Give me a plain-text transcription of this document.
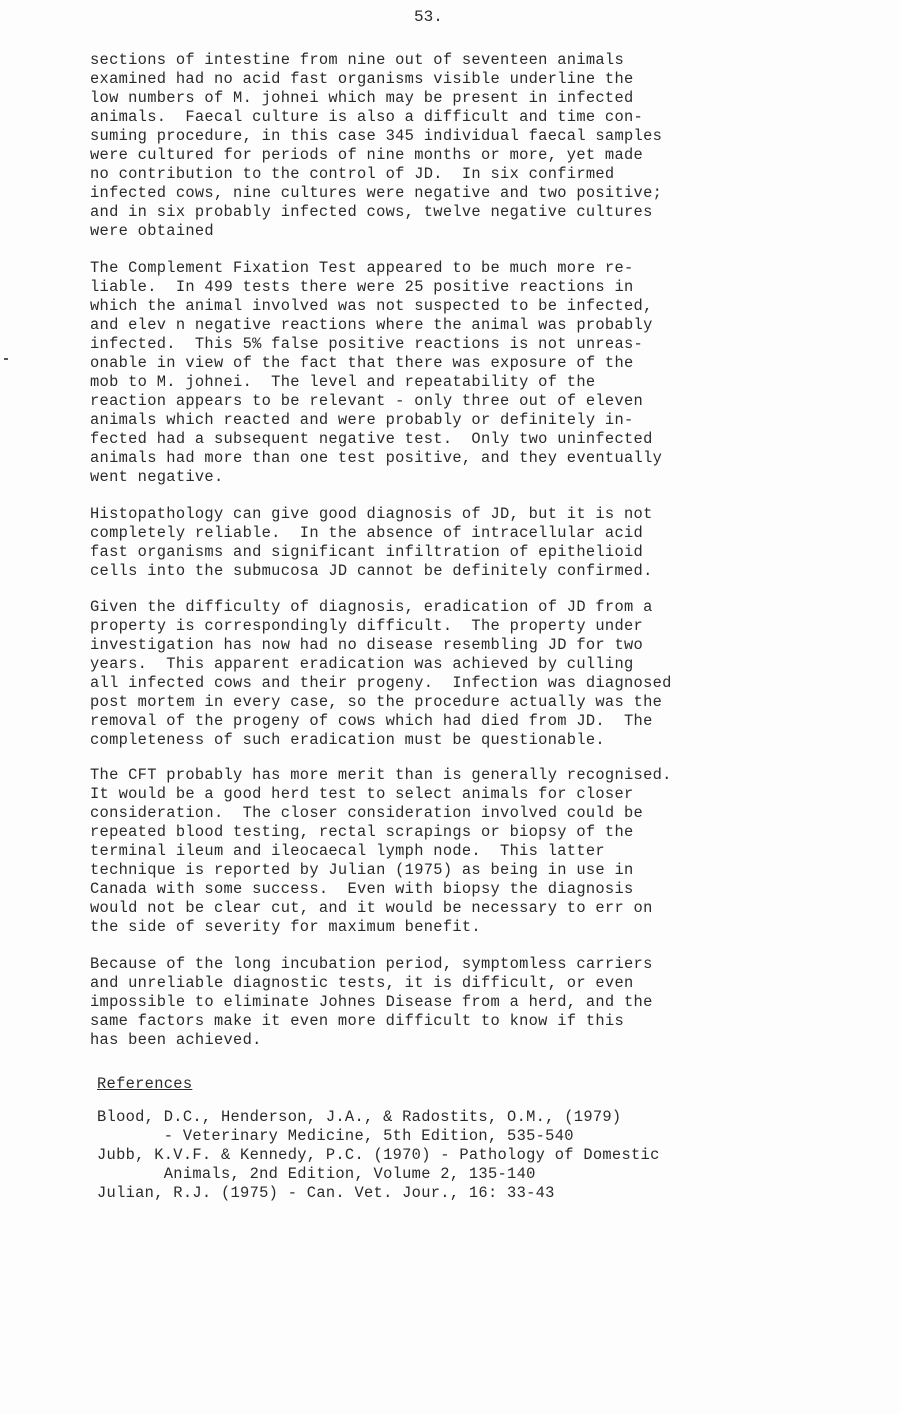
53.
sections of intestine from nine out of seventeen animals
examined had no acid fast organisms visible underline the
low numbers of M. johnei which may be present in infected
animals.  Faecal culture is also a difficult and time con-
suming procedure, in this case 345 individual faecal samples
were cultured for periods of nine months or more, yet made
no contribution to the control of JD.  In six confirmed
infected cows, nine cultures were negative and two positive;
and in six probably infected cows, twelve negative cultures
were obtained
The Complement Fixation Test appeared to be much more re-
liable.  In 499 tests there were 25 positive reactions in
which the animal involved was not suspected to be infected,
and elev n negative reactions where the animal was probably
infected.  This 5% false positive reactions is not unreas-
onable in view of the fact that there was exposure of the
mob to M. johnei.  The level and repeatability of the
reaction appears to be relevant - only three out of eleven
animals which reacted and were probably or definitely in-
fected had a subsequent negative test.  Only two uninfected
animals had more than one test positive, and they eventually
went negative.
Histopathology can give good diagnosis of JD, but it is not
completely reliable.  In the absence of intracellular acid
fast organisms and significant infiltration of epithelioid
cells into the submucosa JD cannot be definitely confirmed.
Given the difficulty of diagnosis, eradication of JD from a
property is correspondingly difficult.  The property under
investigation has now had no disease resembling JD for two
years.  This apparent eradication was achieved by culling
all infected cows and their progeny.  Infection was diagnosed
post mortem in every case, so the procedure actually was the
removal of the progeny of cows which had died from JD.  The
completeness of such eradication must be questionable.
The CFT probably has more merit than is generally recognised.
It would be a good herd test to select animals for closer
consideration.  The closer consideration involved could be
repeated blood testing, rectal scrapings or biopsy of the
terminal ileum and ileocaecal lymph node.  This latter
technique is reported by Julian (1975) as being in use in
Canada with some success.  Even with biopsy the diagnosis
would not be clear cut, and it would be necessary to err on
the side of severity for maximum benefit.
Because of the long incubation period, symptomless carriers
and unreliable diagnostic tests, it is difficult, or even
impossible to eliminate Johnes Disease from a herd, and the
same factors make it even more difficult to know if this
has been achieved.
References
Blood, D.C., Henderson, J.A., & Radostits, O.M., (1979)
- Veterinary Medicine, 5th Edition, 535-540
Jubb, K.V.F. & Kennedy, P.C. (1970) - Pathology of Domestic
Animals, 2nd Edition, Volume 2, 135-140
Julian, R.J. (1975) - Can. Vet. Jour., 16: 33-43
